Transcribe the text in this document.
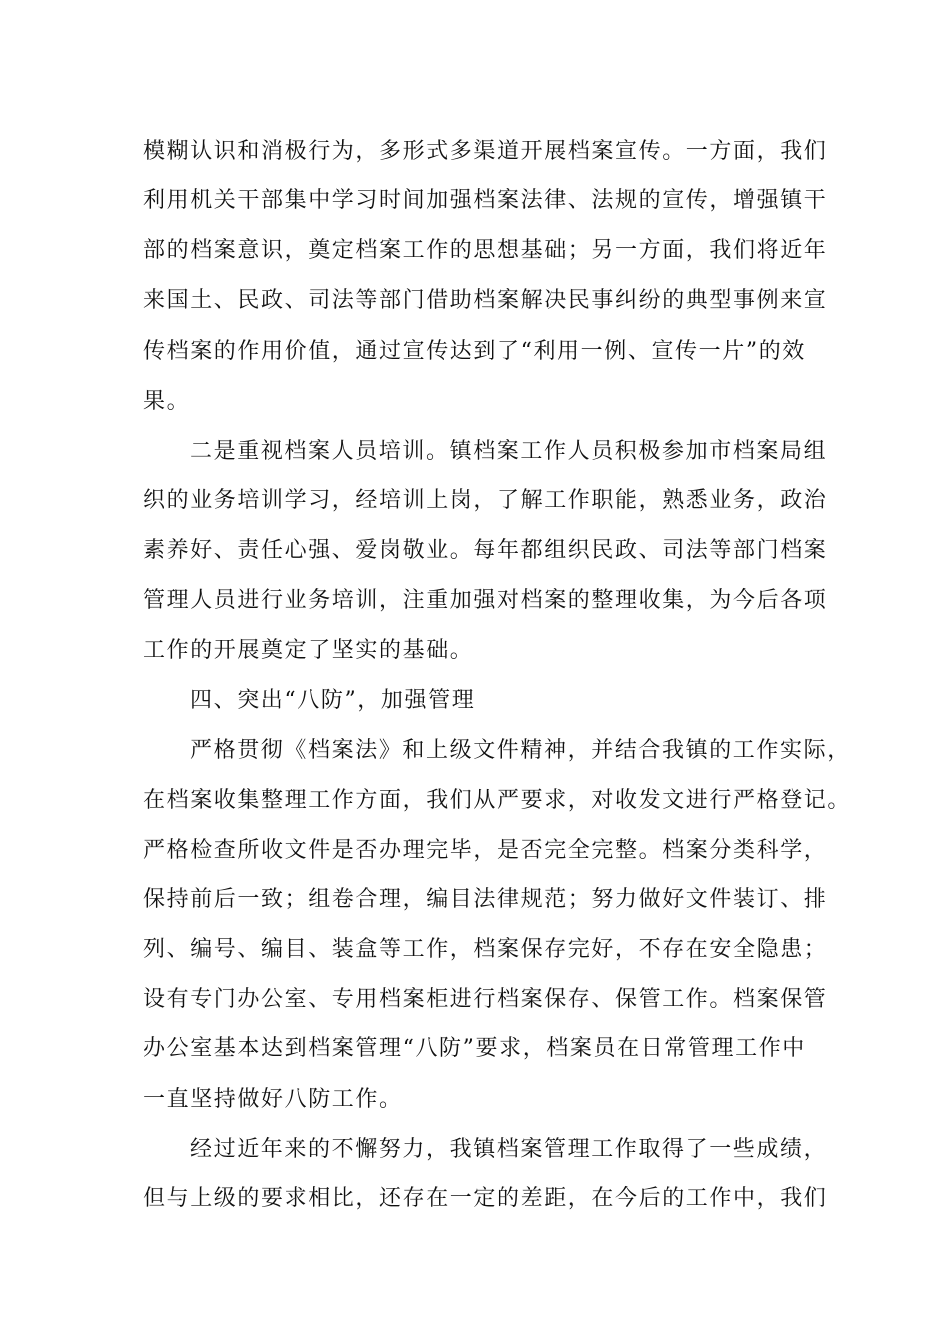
模糊认识和消极行为，多形式多渠道开展档案宣传。一方面，我们
利用机关干部集中学习时间加强档案法律、法规的宣传，增强镇干
部的档案意识，奠定档案工作的思想基础；另一方面，我们将近年
来国土、民政、司法等部门借助档案解决民事纠纷的典型事例来宣
传档案的作用价值，通过宣传达到了“利用一例、宣传一片”的效
果。
二是重视档案人员培训。镇档案工作人员积极参加市档案局组
织的业务培训学习，经培训上岗，了解工作职能，熟悉业务，政治
素养好、责任心强、爱岗敬业。每年都组织民政、司法等部门档案
管理人员进行业务培训，注重加强对档案的整理收集，为今后各项
工作的开展奠定了坚实的基础。
四、突出“八防”，加强管理
严格贯彻《档案法》和上级文件精神，并结合我镇的工作实际，
在档案收集整理工作方面，我们从严要求，对收发文进行严格登记。
严格检查所收文件是否办理完毕，是否完全完整。档案分类科学，
保持前后一致；组卷合理，编目法律规范；努力做好文件装订、排
列、编号、编目、装盒等工作，档案保存完好，不存在安全隐患；
设有专门办公室、专用档案柜进行档案保存、保管工作。档案保管
办公室基本达到档案管理“八防”要求，档案员在日常管理工作中
一直坚持做好八防工作。
经过近年来的不懈努力，我镇档案管理工作取得了一些成绩，
但与上级的要求相比，还存在一定的差距，在今后的工作中，我们
